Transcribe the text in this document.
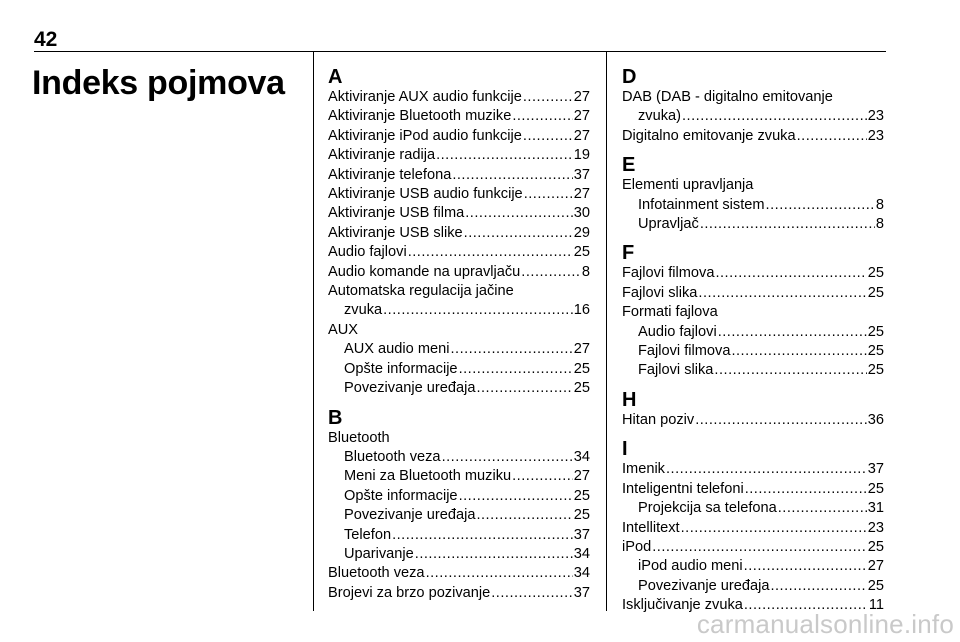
42
Indeks pojmova A
Aktiviranje AUX audio funkcije .....	27
Aktiviranje Bluetooth muzike .....	27
Aktiviranje iPod audio funkcije .....	27
Aktiviranje radija .....	19
Aktiviranje telefona .....	37
Aktiviranje USB audio funkcije .....	27
Aktiviranje USB filma .....	30
Aktiviranje USB slike .....	29
Audio fajlovi .....	25
Audio komande na upravljaču .....	8
Automatska regulacija jačine
zvuka .....	16
AUX
AUX audio meni .....	27
Opšte informacije .....	25
Povezivanje uređaja .....	25
B
Bluetooth
Bluetooth veza .....	34
Meni za Bluetooth muziku .....	27
Opšte informacije .....	25
Povezivanje uređaja .....	25
Telefon .....	37
Uparivanje .....	34
Bluetooth veza .....	34
Brojevi za brzo pozivanje .....	37
D
DAB (DAB - digitalno emitovanje
zvuka) .....	23
Digitalno emitovanje zvuka .....	23
E
Elementi upravljanja
Infotainment sistem .....	8
Upravljač .....	8
F
Fajlovi filmova .....	25
Fajlovi slika .....	25
Formati fajlova
Audio fajlovi .....	25
Fajlovi filmova .....	25
Fajlovi slika .....	25
H
Hitan poziv .....	36
I
Imenik .....	37
Inteligentni telefoni .....	25
Projekcija sa telefona .....	31
Intellitext .....	23
iPod .....	25
iPod audio meni .....	27
Povezivanje uređaja .....	25
Isključivanje zvuka .....	11
carmanualsonline.info
